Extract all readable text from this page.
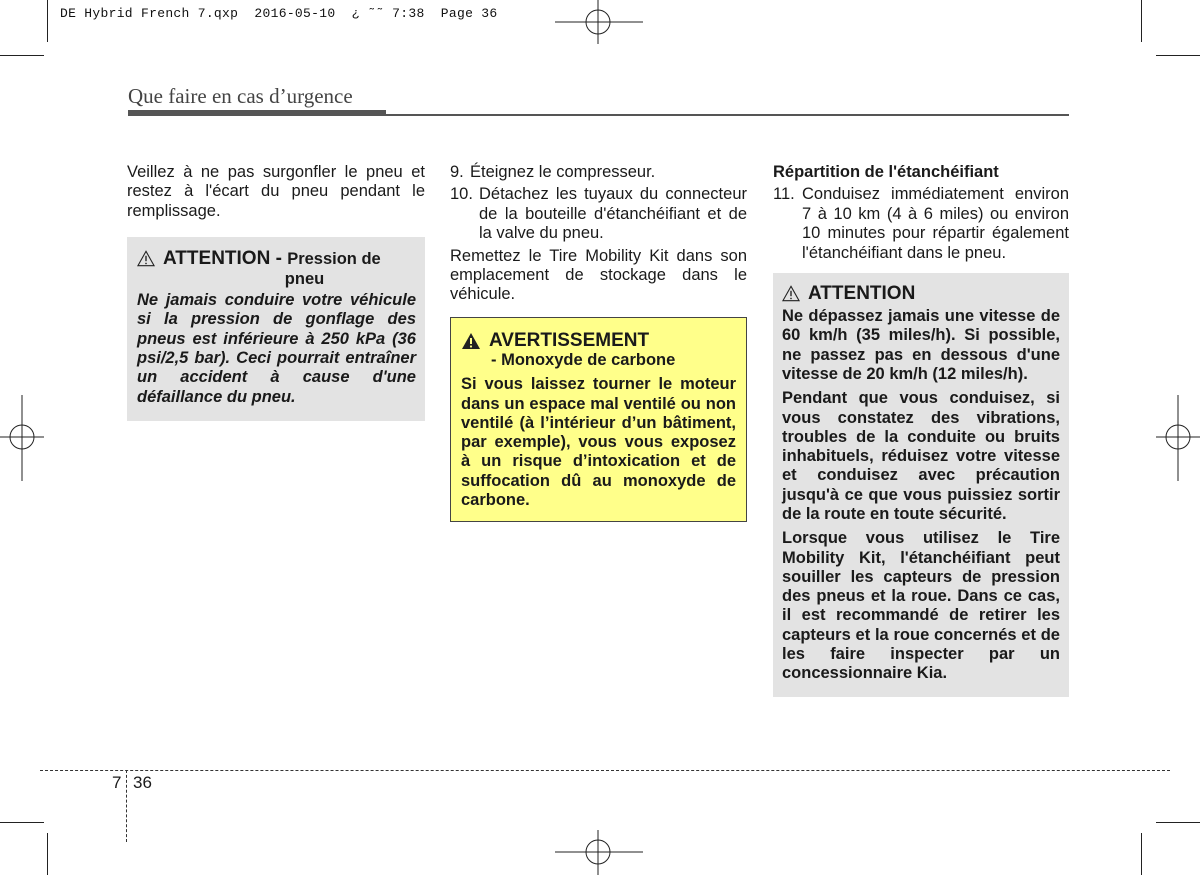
DE Hybrid French 7.qxp  2016-05-10  ¿ ˜˜ 7:38  Page 36
Que faire en cas d’urgence

Veillez à ne pas surgonfler le pneu et restez à l'écart du pneu pendant le remplissage.

ATTENTION - Pression de
pneu

Ne jamais conduire votre véhicule si la pression de gonflage des pneus est inférieure à 250 kPa (36 psi/2,5 bar). Ceci pourrait entraîner un accident à cause d'une défaillance du pneu.

9. Éteignez le compresseur.
10. Détachez les tuyaux du connecteur de la bouteille d'étanchéifiant et de la valve du pneu.

Remettez le Tire Mobility Kit dans son emplacement de stockage dans le véhicule.

AVERTISSEMENT
- Monoxyde de carbone

Si vous laissez tourner le moteur dans un espace mal ventilé ou non ventilé (à l’intérieur d’un bâtiment, par exemple), vous vous exposez à un risque d’intoxication et de suffocation dû au monoxyde de carbone.

Répartition de l'étanchéifiant
11. Conduisez immédiatement environ 7 à 10 km (4 à 6 miles) ou environ 10 minutes pour répartir également l'étanchéifiant dans le pneu.
ATTENTION

Ne dépassez jamais une vitesse de 60 km/h (35 miles/h). Si possible, ne passez pas en dessous d'une vitesse de 20 km/h (12 miles/h).

Pendant que vous conduisez, si vous constatez des vibrations, troubles de la conduite ou bruits inhabituels, réduisez votre vitesse et conduisez avec précaution jusqu'à ce que vous puissiez sortir de la route en toute sécurité.

Lorsque vous utilisez le Tire Mobility Kit, l'étanchéifiant peut souiller les capteurs de pression des pneus et la roue. Dans ce cas, il est recommandé de retirer les capteurs et la roue concernés et de les faire inspecter par un concessionnaire Kia.

7 36
